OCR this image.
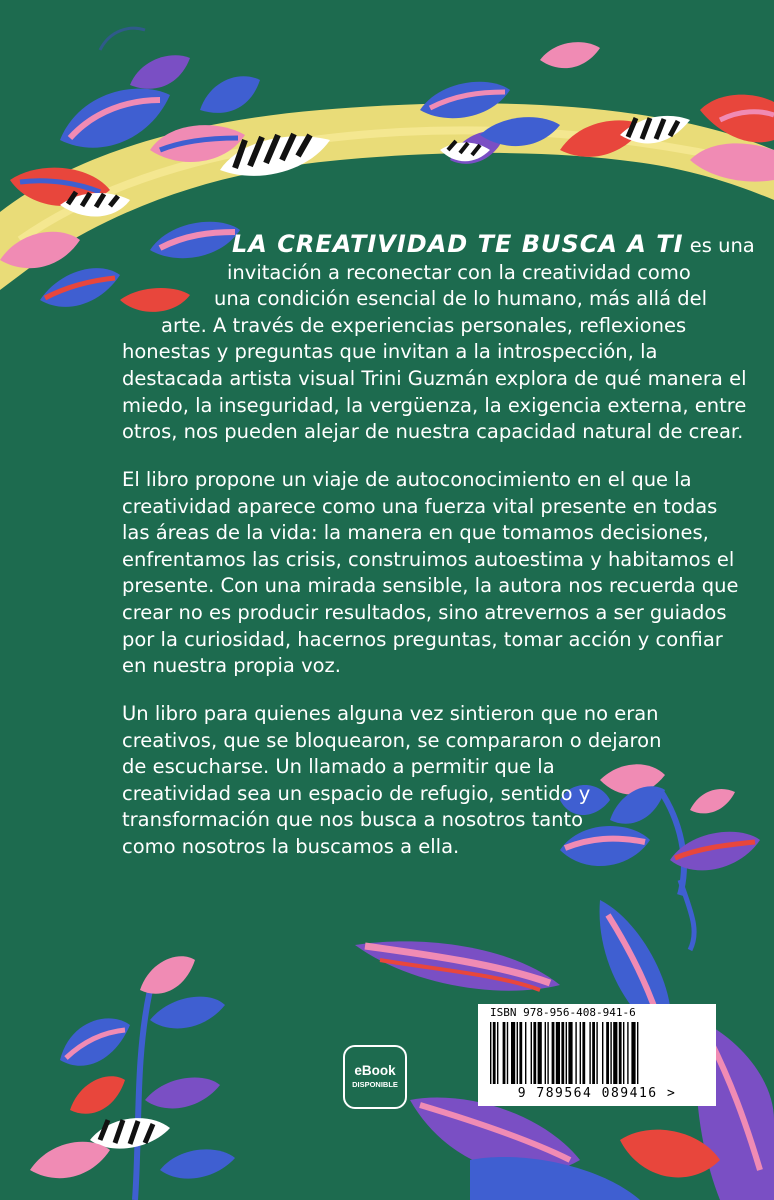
LA CREATIVIDAD TE BUSCA A TI es una
invitación a reconectar con la creatividad como
una condición esencial de lo humano, más allá del
arte. A través de experiencias personales, reflexiones
honestas y preguntas que invitan a la introspección, la
destacada artista visual Trini Guzmán explora de qué manera el
miedo, la inseguridad, la vergüenza, la exigencia externa, entre
otros, nos pueden alejar de nuestra capacidad natural de crear.
El libro propone un viaje de autoconocimiento en el que la
creatividad aparece como una fuerza vital presente en todas
las áreas de la vida: la manera en que tomamos decisiones,
enfrentamos las crisis, construimos autoestima y habitamos el
presente. Con una mirada sensible, la autora nos recuerda que
crear no es producir resultados, sino atrevernos a ser guiados
por la curiosidad, hacernos preguntas, tomar acción y confiar
en nuestra propia voz.
Un libro para quienes alguna vez sintieron que no eran
creativos, que se bloquearon, se compararon o dejaron
de escucharse. Un llamado a permitir que la
creatividad sea un espacio de refugio, sentido y
transformación que nos busca a nosotros tanto
como nosotros la buscamos a ella.
eBook
DISPONIBLE
ISBN 978-956-408-941-6
9 789564 089416 >
